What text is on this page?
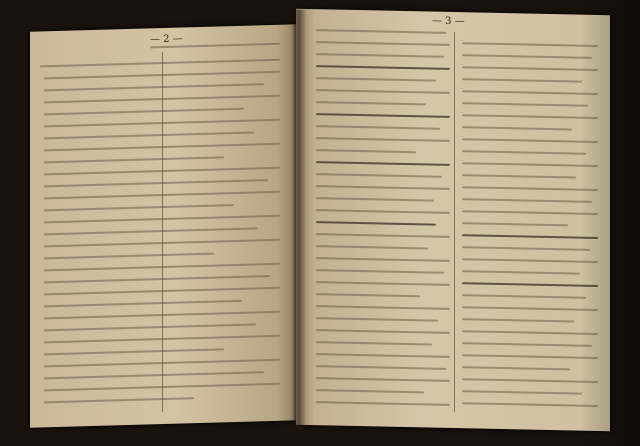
— 2 —
— 3 —
